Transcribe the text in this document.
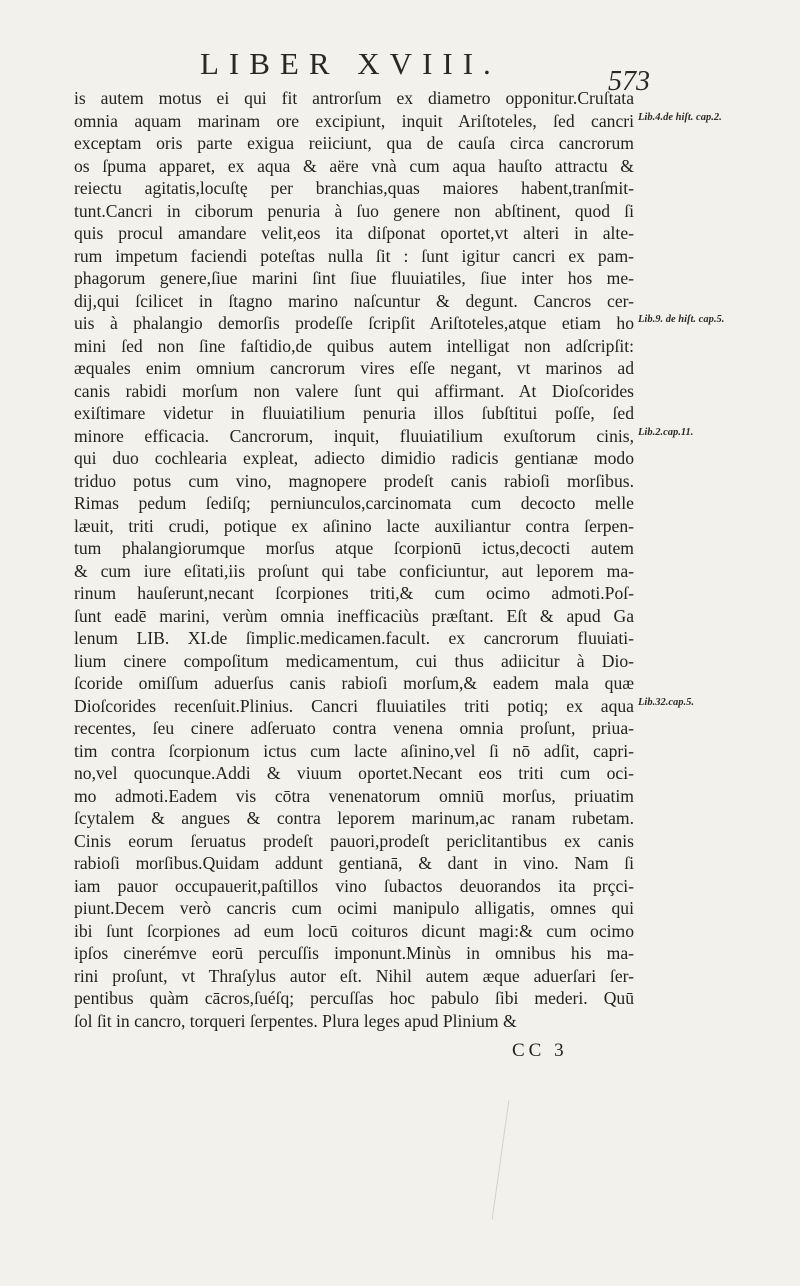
LIBER XVIII.
573
is autem motus ei qui fit antrorſum ex diametro opponitur.Cruſtata
omnia aquam marinam ore excipiunt, inquit Ariſtoteles, ſed cancri
exceptam oris parte exigua reiiciunt, qua de cauſa circa cancrorum
os ſpuma apparet, ex aqua & aëre vnà cum aqua hauſto attractu &
reiectu agitatis,locuſtę per branchias,quas maiores habent,tranſmit-
tunt.Cancri in ciborum penuria à ſuo genere non abſtinent, quod ſi
quis procul amandare velit,eos ita diſponat oportet,vt alteri in alte-
rum impetum faciendi poteſtas nulla ſit : ſunt igitur cancri ex pam-
phagorum genere,ſiue marini ſint ſiue fluuiatiles, ſiue inter hos me-
dij,qui ſcilicet in ſtagno marino naſcuntur & degunt. Cancros cer-
uis à phalangio demorſis prodeſſe ſcripſit Ariſtoteles,atque etiam ho
mini ſed non ſine faſtidio,de quibus autem intelligat non adſcripſit:
æquales enim omnium cancrorum vires eſſe negant, vt marinos ad
canis rabidi morſum non valere ſunt qui affirmant. At Dioſcorides
exiſtimare videtur in fluuiatilium penuria illos ſubſtitui poſſe, ſed
minore efficacia. Cancrorum, inquit, fluuiatilium exuſtorum cinis,
qui duo cochlearia expleat, adiecto dimidio radicis gentianæ modo
triduo potus cum vino, magnopere prodeſt canis rabioſi morſibus.
Rimas pedum ſediſq; perniunculos,carcinomata cum decocto melle
læuit, triti crudi, potique ex aſinino lacte auxiliantur contra ſerpen-
tum phalangiorumque morſus atque ſcorpionū ictus,decocti autem
& cum iure eſitati,iis proſunt qui tabe conficiuntur, aut leporem ma-
rinum hauſerunt,necant ſcorpiones triti,& cum ocimo admoti.Poſ-
ſunt eadē marini, verùm omnia inefficaciùs præſtant. Eſt & apud Ga
lenum LIB. XI.de ſimplic.medicamen.facult. ex cancrorum fluuiati-
lium cinere compoſitum medicamentum, cui thus adiicitur à Dio-
ſcoride omiſſum aduerſus canis rabioſi morſum,& eadem mala quæ
Dioſcorides recenſuit.Plinius. Cancri fluuiatiles triti potiq; ex aqua
recentes, ſeu cinere adſeruato contra venena omnia proſunt, priua-
tim contra ſcorpionum ictus cum lacte aſinino,vel ſi nō adſit, capri-
no,vel quocunque.Addi & viuum oportet.Necant eos triti cum oci-
mo admoti.Eadem vis cōtra venenatorum omniū morſus, priuatim
ſcytalem & angues & contra leporem marinum,ac ranam rubetam.
Cinis eorum ſeruatus prodeſt pauori,prodeſt periclitantibus ex canis
rabioſi morſibus.Quidam addunt gentianā, & dant in vino. Nam ſi
iam pauor occupauerit,paſtillos vino ſubactos deuorandos ita prçci-
piunt.Decem verò cancris cum ocimi manipulo alligatis, omnes qui
ibi ſunt ſcorpiones ad eum locū coituros dicunt magi:& cum ocimo
ipſos cinerémve eorū percuſſis imponunt.Minùs in omnibus his ma-
rini proſunt, vt Thraſylus autor eſt. Nihil autem æque aduerſari ſer-
pentibus quàm cācros,ſuéſq; percuſſas hoc pabulo ſibi mederi. Quū
ſol ſit in cancro, torqueri ſerpentes. Plura leges apud Plinium &
Lib.4.de hiſt. cap.2.
Lib.9. de hiſt. cap.5.
Lib.2.cap.11.
Lib.32.cap.5.
CC 3
